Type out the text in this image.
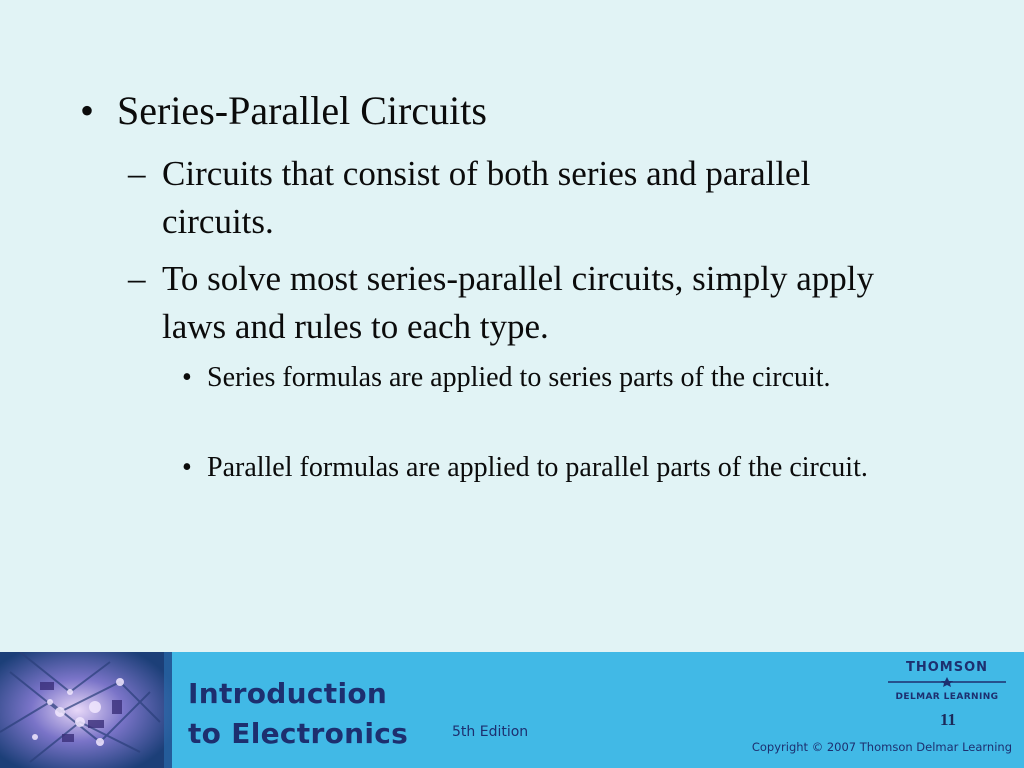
• Series-Parallel Circuits
– Circuits that consist of both series and parallel circuits.
– To solve most series-parallel circuits, simply apply laws and rules to each type.
• Series formulas are applied to series parts of the circuit.
• Parallel formulas are applied to parallel parts of the circuit.
Introduction
to Electronics	5th Edition
THOMSON
DELMAR LEARNING
11
Copyright © 2007 Thomson Delmar Learning
